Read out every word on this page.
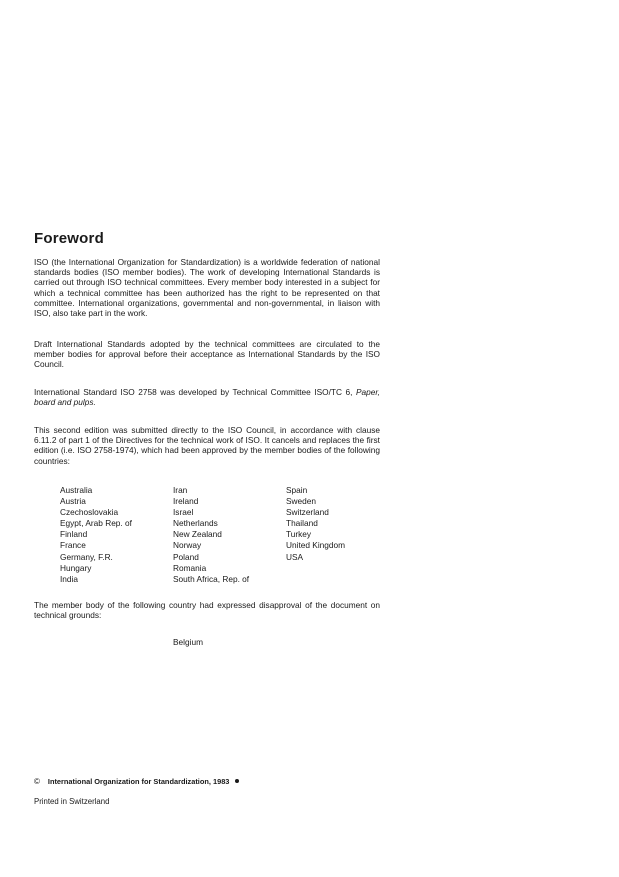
Foreword

ISO (the International Organization for Standardization) is a worldwide federation of national standards bodies (ISO member bodies). The work of developing International Standards is carried out through ISO technical committees. Every member body interested in a subject for which a technical committee has been authorized has the right to be represented on that committee. International organizations, governmental and non-governmental, in liaison with ISO, also take part in the work.

Draft International Standards adopted by the technical committees are circulated to the member bodies for approval before their acceptance as International Standards by the ISO Council.

International Standard ISO 2758 was developed by Technical Committee ISO/TC 6, Paper, board and pulps.

This second edition was submitted directly to the ISO Council, in accordance with clause 6.11.2 of part 1 of the Directives for the technical work of ISO. It cancels and replaces the first edition (i.e. ISO 2758-1974), which had been approved by the member bodies of the following countries:

Australia
Austria
Czechoslovakia
Egypt, Arab Rep. of
Finland
France
Germany, F.R.
Hungary
India
Iran
Ireland
Israel
Netherlands
New Zealand
Norway
Poland
Romania
South Africa, Rep. of
Spain
Sweden
Switzerland
Thailand
Turkey
United Kingdom
USA

The member body of the following country had expressed disapproval of the document on technical grounds:

Belgium

© International Organization for Standardization, 1983
Printed in Switzerland
